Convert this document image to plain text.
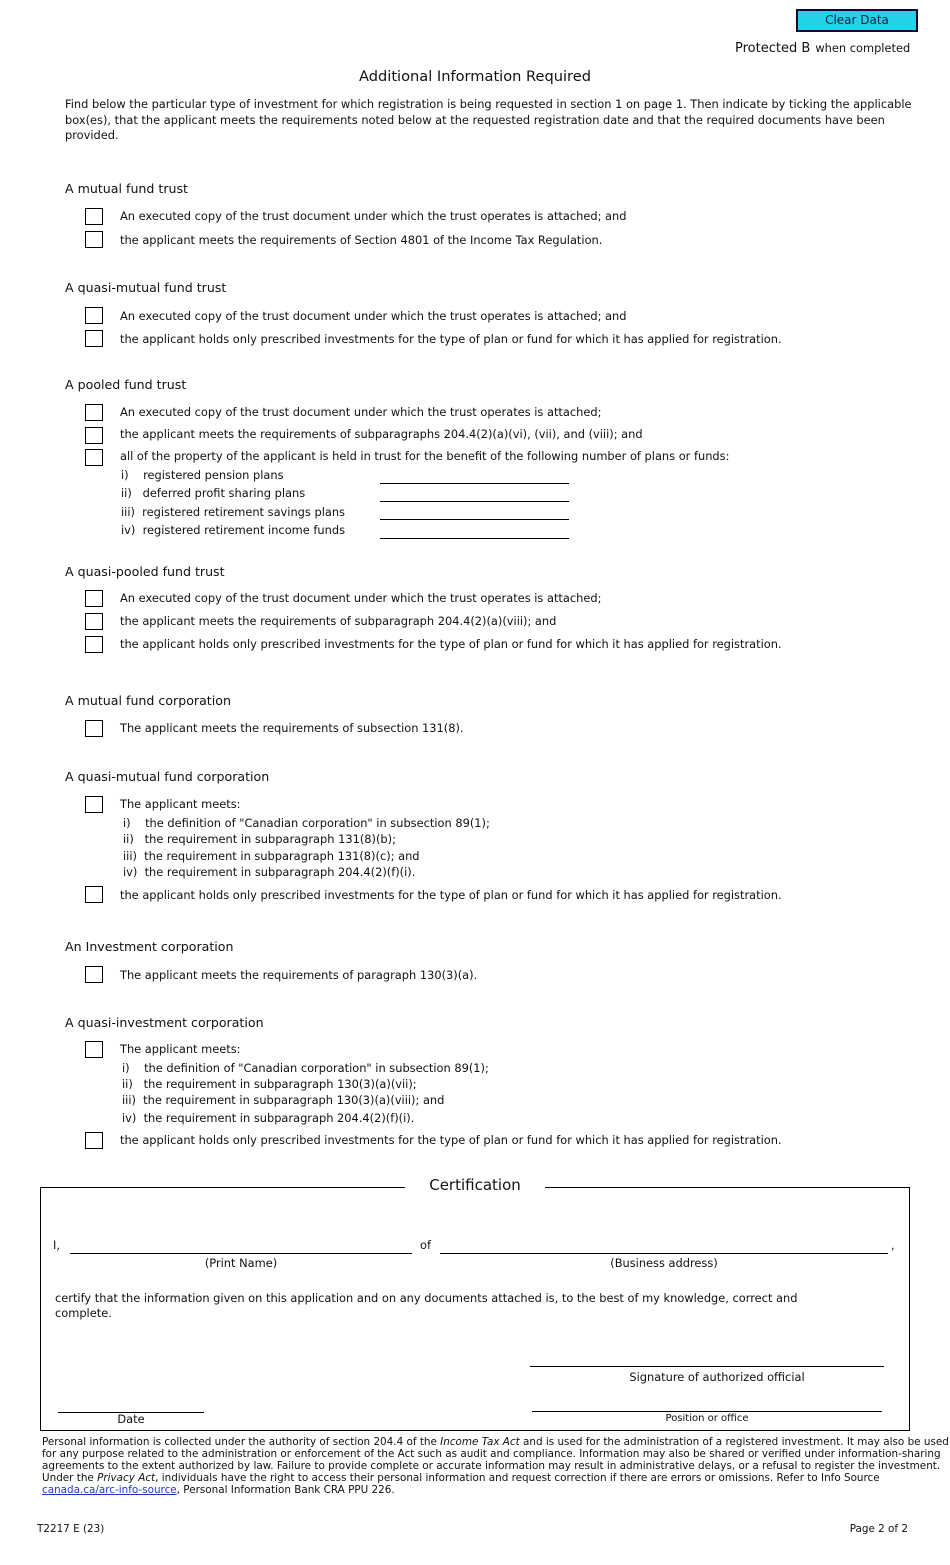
Clear Data
Protected B when completed
Additional Information Required
Find below the particular type of investment for which registration is being requested in section 1 on page 1. Then indicate by ticking the applicable
box(es), that the applicant meets the requirements noted below at the requested registration date and that the required documents have been
provided.
A mutual fund trust
An executed copy of the trust document under which the trust operates is attached; and
the applicant meets the requirements of Section 4801 of the Income Tax Regulation.
A quasi-mutual fund trust
An executed copy of the trust document under which the trust operates is attached; and
the applicant holds only prescribed investments for the type of plan or fund for which it has applied for registration.
A pooled fund trust
An executed copy of the trust document under which the trust operates is attached;
the applicant meets the requirements of subparagraphs 204.4(2)(a)(vi), (vii), and (viii); and
all of the property of the applicant is held in trust for the benefit of the following number of plans or funds:
i)    registered pension plans
ii)   deferred profit sharing plans
iii)  registered retirement savings plans
iv)  registered retirement income funds
A quasi-pooled fund trust
An executed copy of the trust document under which the trust operates is attached;
the applicant meets the requirements of subparagraph 204.4(2)(a)(viii); and
the applicant holds only prescribed investments for the type of plan or fund for which it has applied for registration.
A mutual fund corporation
The applicant meets the requirements of subsection 131(8).
A quasi-mutual fund corporation
The applicant meets:
i)    the definition of "Canadian corporation" in subsection 89(1);
ii)   the requirement in subparagraph 131(8)(b);
iii)  the requirement in subparagraph 131(8)(c); and
iv)  the requirement in subparagraph 204.4(2)(f)(i).
the applicant holds only prescribed investments for the type of plan or fund for which it has applied for registration.
An Investment corporation
The applicant meets the requirements of paragraph 130(3)(a).
A quasi-investment corporation
The applicant meets:
i)    the definition of "Canadian corporation" in subsection 89(1);
ii)   the requirement in subparagraph 130(3)(a)(vii);
iii)  the requirement in subparagraph 130(3)(a)(viii); and
iv)  the requirement in subparagraph 204.4(2)(f)(i).
the applicant holds only prescribed investments for the type of plan or fund for which it has applied for registration.
Certification
I,	of	,
(Print Name)	(Business address)
certify that the information given on this application and on any documents attached is, to the best of my knowledge, correct and
complete.
Signature of authorized official
Date	Position or office
Personal information is collected under the authority of section 204.4 of the Income Tax Act and is used for the administration of a registered investment. It may also be used
for any purpose related to the administration or enforcement of the Act such as audit and compliance. Information may also be shared or verified under information-sharing
agreements to the extent authorized by law. Failure to provide complete or accurate information may result in administrative delays, or a refusal to register the investment.
Under the Privacy Act, individuals have the right to access their personal information and request correction if there are errors or omissions. Refer to Info Source
canada.ca/arc-info-source, Personal Information Bank CRA PPU 226.
T2217 E (23)	Page 2 of 2
